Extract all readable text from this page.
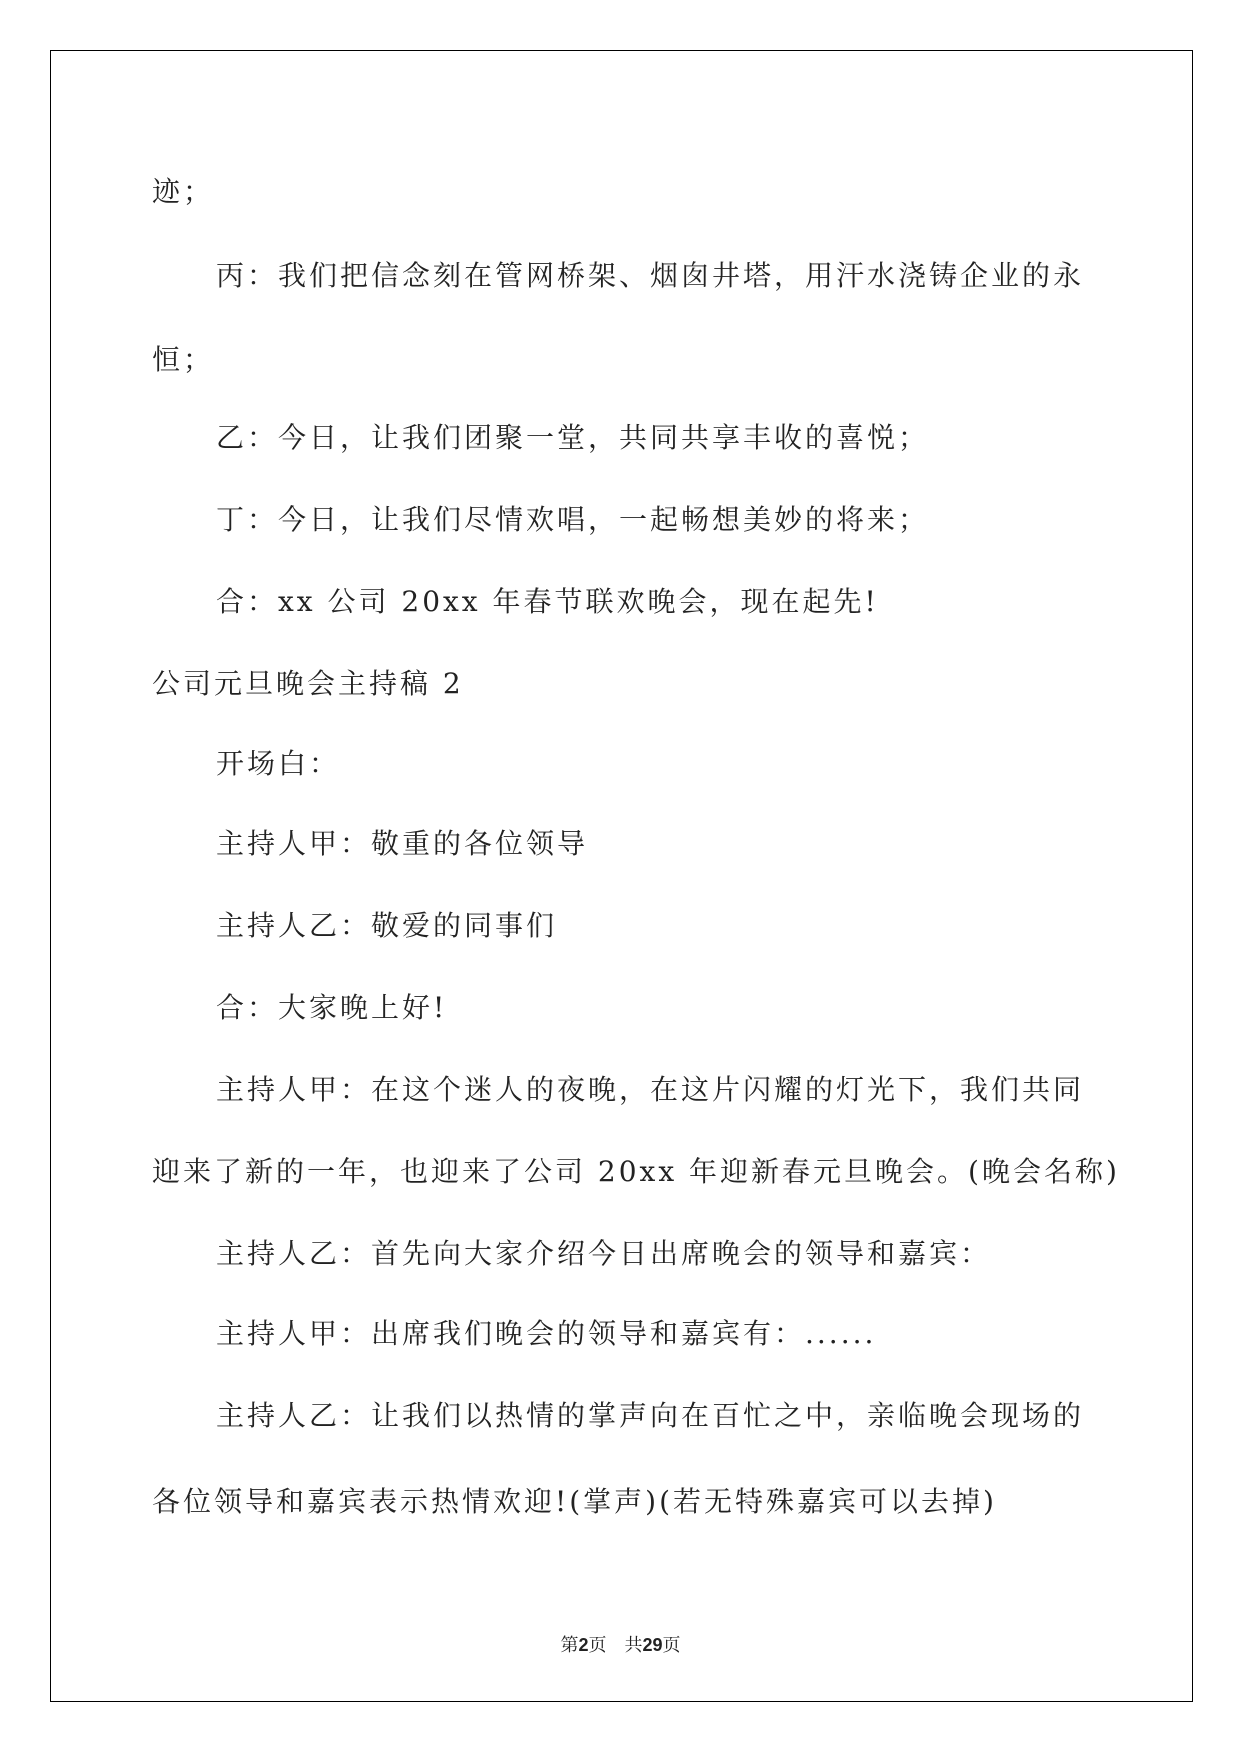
迹；
丙：我们把信念刻在管网桥架、烟囱井塔，用汗水浇铸企业的永
恒；
乙：今日，让我们团聚一堂，共同共享丰收的喜悦；
丁：今日，让我们尽情欢唱，一起畅想美妙的将来；
合：xx 公司 20xx 年春节联欢晚会，现在起先!
公司元旦晚会主持稿 2
开场白：
主持人甲：敬重的各位领导
主持人乙：敬爱的同事们
合：大家晚上好!
主持人甲：在这个迷人的夜晚，在这片闪耀的灯光下，我们共同
迎来了新的一年，也迎来了公司 20xx 年迎新春元旦晚会。(晚会名称)
主持人乙：首先向大家介绍今日出席晚会的领导和嘉宾：
主持人甲：出席我们晚会的领导和嘉宾有：......
主持人乙：让我们以热情的掌声向在百忙之中，亲临晚会现场的
各位领导和嘉宾表示热情欢迎!(掌声)(若无特殊嘉宾可以去掉)
第2页　共29页
